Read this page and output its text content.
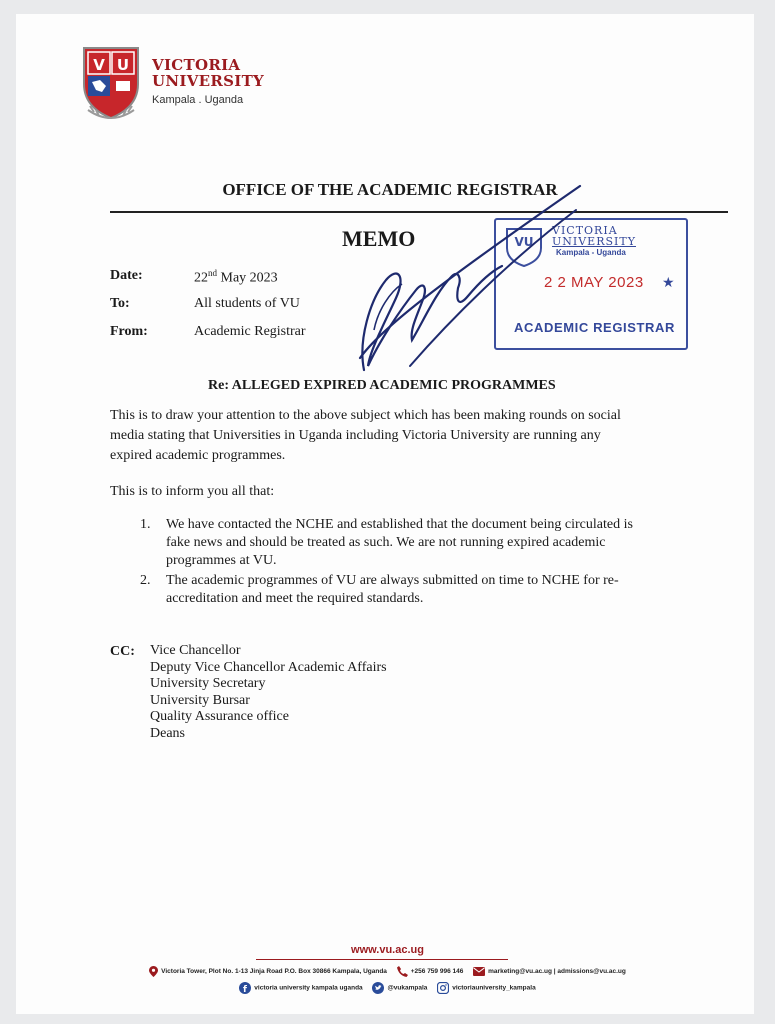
V U VICTORIA
UNIVERSITY
Kampala . Uganda
OFFICE OF THE ACADEMIC REGISTRAR
MEMO
Date:	22nd May 2023
To:	All students of VU
From:	Academic Registrar
VU
VICTORIA
UNIVERSITY
Kampala - Uganda
2 2 MAY 2023 ★
ACADEMIC REGISTRAR
Re: ALLEGED EXPIRED ACADEMIC PROGRAMMES
This is to draw your attention to the above subject which has been making rounds on social media stating that Universities in Uganda including Victoria University are running any expired academic programmes.
This is to inform you all that:
1. We have contacted the NCHE and established that the document being circulated is fake news and should be treated as such. We are not running expired academic programmes at VU.
2. The academic programmes of VU are always submitted on time to NCHE for re-accreditation and meet the required standards.
CC: Vice Chancellor
Deputy Vice Chancellor Academic Affairs
University Secretary
University Bursar
Quality Assurance office
Deans
www.vu.ac.ug
Victoria Tower, Plot No. 1-13 Jinja Road P.O. Box 30866 Kampala, Uganda	+256 759 996 146	marketing@vu.ac.ug | admissions@vu.ac.ug
f victoria university kampala uganda	@vukampala	victoriauniversity_kampala
